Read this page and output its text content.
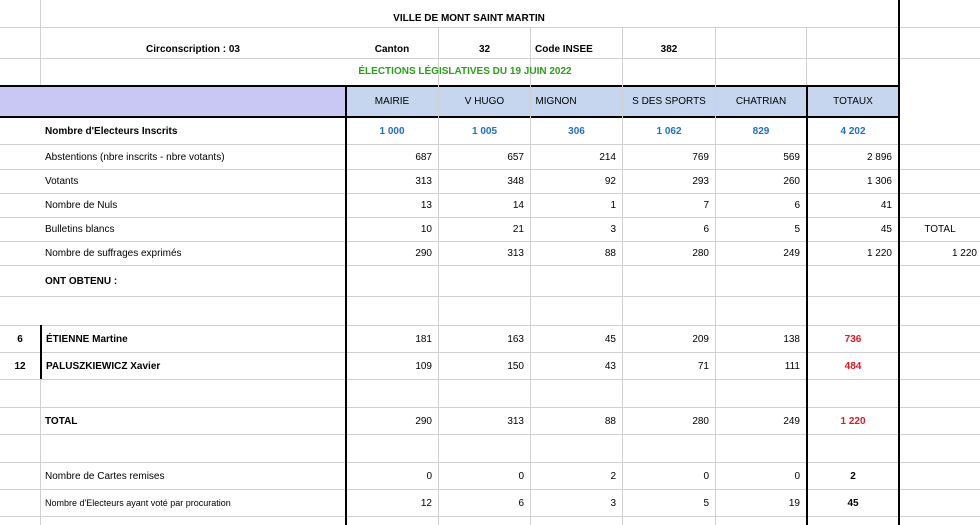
VILLE DE MONT SAINT MARTIN
Circonscription : 03	Canton	32	Code INSEE	382
ÉLECTIONS LÉGISLATIVES DU 19 JUIN 2022
MAIRIE	V HUGO	MIGNON	S DES SPORTS	CHATRIAN	TOTAUX
Nombre d'Electeurs Inscrits	1 000	1 005	306	1 062	829	4 202
Abstentions (nbre inscrits - nbre votants)	687	657	214	769	569	2 896
Votants	313	348	92	293	260	1 306
Nombre de Nuls	13	14	1	7	6	41
Bulletins blancs	10	21	3	6	5	45	TOTAL
Nombre de suffrages exprimés	290	313	88	280	249	1 220	1 220
ONT OBTENU :
6	ÉTIENNE Martine	181	163	45	209	138	736
12	PALUSZKIEWICZ Xavier	109	150	43	71	111	484
TOTAL	290	313	88	280	249	1 220
Nombre de Cartes remises	0	0	2	0	0	2
Nombre d'Electeurs ayant voté par procuration	12	6	3	5	19	45
